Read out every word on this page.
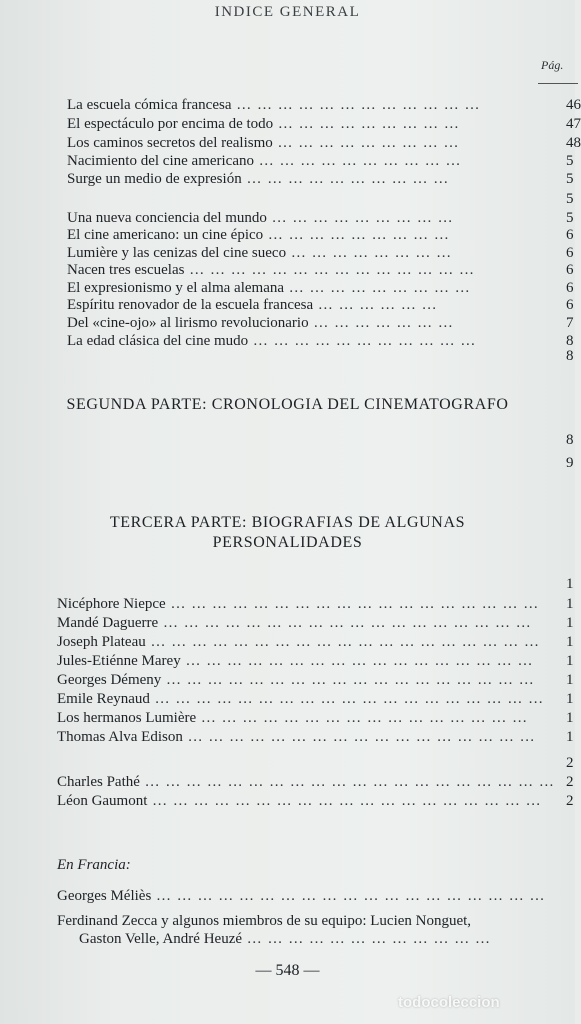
INDICE GENERAL
Pág.
La escuela cómica francesa … … … … … … … … … … … …	46
El espectáculo por encima de todo … … … … … … … … …	47
Los caminos secretos del realismo … … … … … … … … …	48
Nacimiento del cine americano … … … … … … … … … …	5
Surge un medio de expresión … … … … … … … … … …	5
5
Una nueva conciencia del mundo … … … … … … … … …	5
El cine americano: un cine épico … … … … … … … … …	6
Lumière y las cenizas del cine sueco … … … … … … … …	6
Nacen tres escuelas … … … … … … … … … … … … … …	6
El expresionismo y el alma alemana … … … … … … … … …	6
Espíritu renovador de la escuela francesa … … … … … …	6
Del «cine-ojo» al lirismo revolucionario … … … … … … …	7
La edad clásica del cine mudo … … … … … … … … … … …	8
8
SEGUNDA PARTE: CRONOLOGIA DEL CINEMATOGRAFO
8
9
TERCERA PARTE: BIOGRAFIAS DE ALGUNAS
PERSONALIDADES
1
Nicéphore Niepce … … … … … … … … … … … … … … … … … …	1
Mandé Daguerre … … … … … … … … … … … … … … … … … …	1
Joseph Plateau … … … … … … … … … … … … … … … … … … …	1
Jules-Etiénne Marey … … … … … … … … … … … … … … … … …	1
Georges Démeny … … … … … … … … … … … … … … … … … …	1
Emile Reynaud … … … … … … … … … … … … … … … … … … …	1
Los hermanos Lumière … … … … … … … … … … … … … … … …	1
Thomas Alva Edison … … … … … … … … … … … … … … … … …	1
2
Charles Pathé … … … … … … … … … … … … … … … … … … … … 2
Léon Gaumont … … … … … … … … … … … … … … … … … … …	2
En Francia:
Georges Méliès … … … … … … … … … … … … … … … … … … …
Ferdinand Zecca y algunos miembros de su equipo: Lucien Nonguet,
Gaston Velle, André Heuzé … … … … … … … … … … … …
— 548 —
todocoleccion
